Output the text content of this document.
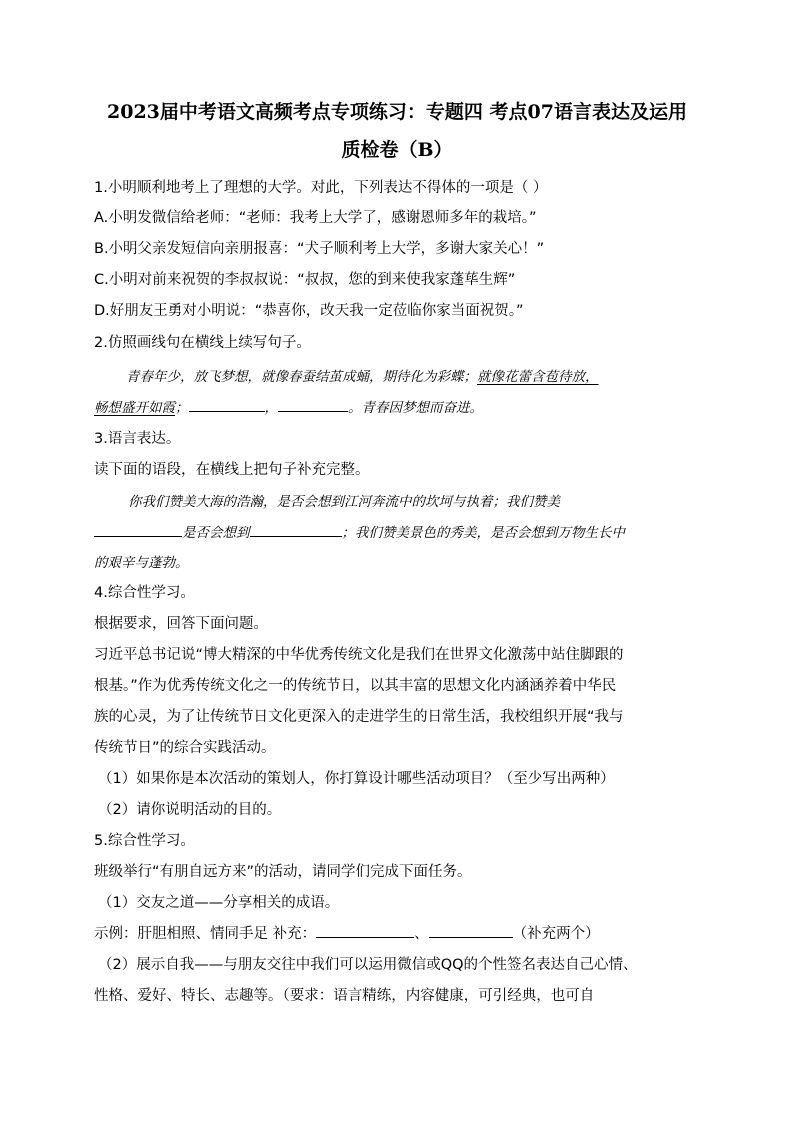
2023届中考语文高频考点专项练习：专题四 考点07语言表达及运用
质检卷（B）
1.小明顺利地考上了理想的大学。对此，下列表达不得体的一项是（ ）
A.小明发微信给老师：“老师：我考上大学了，感谢恩师多年的栽培。”
B.小明父亲发短信向亲朋报喜：“犬子顺利考上大学，多谢大家关心！”
C.小明对前来祝贺的李叔叔说：“叔叔，您的到来使我家蓬荜生辉”
D.好朋友王勇对小明说：“恭喜你，改天我一定莅临你家当面祝贺。”
2.仿照画线句在横线上续写句子。
青春年少，放飞梦想，就像春蚕结茧成蛹，期待化为彩蝶；就像花蕾含苞待放，
畅想盛开如霞；	，	。青春因梦想而奋进。
3.语言表达。
读下面的语段，在横线上把句子补充完整。
你我们赞美大海的浩瀚，是否会想到江河奔流中的坎坷与执着；我们赞美
是否会想到	；我们赞美景色的秀美，是否会想到万物生长中
的艰辛与蓬勃。
4.综合性学习。
根据要求，回答下面问题。
习近平总书记说“博大精深的中华优秀传统文化是我们在世界文化激荡中站住脚跟的
根基。”作为优秀传统文化之一的传统节日，以其丰富的思想文化内涵涵养着中华民
族的心灵，为了让传统节日文化更深入的走进学生的日常生活，我校组织开展“我与
传统节日”的综合实践活动。
（1）如果你是本次活动的策划人，你打算设计哪些活动项目？（至少写出两种）
（2）请你说明活动的目的。
5.综合性学习。
班级举行“有朋自远方来”的活动，请同学们完成下面任务。
（1）交友之道——分享相关的成语。
示例：肝胆相照、情同手足 补充：	、	（补充两个）
（2）展示自我——与朋友交往中我们可以运用微信或QQ的个性签名表达自己心情、
性格、爱好、特长、志趣等。（要求：语言精练，内容健康，可引经典，也可自
